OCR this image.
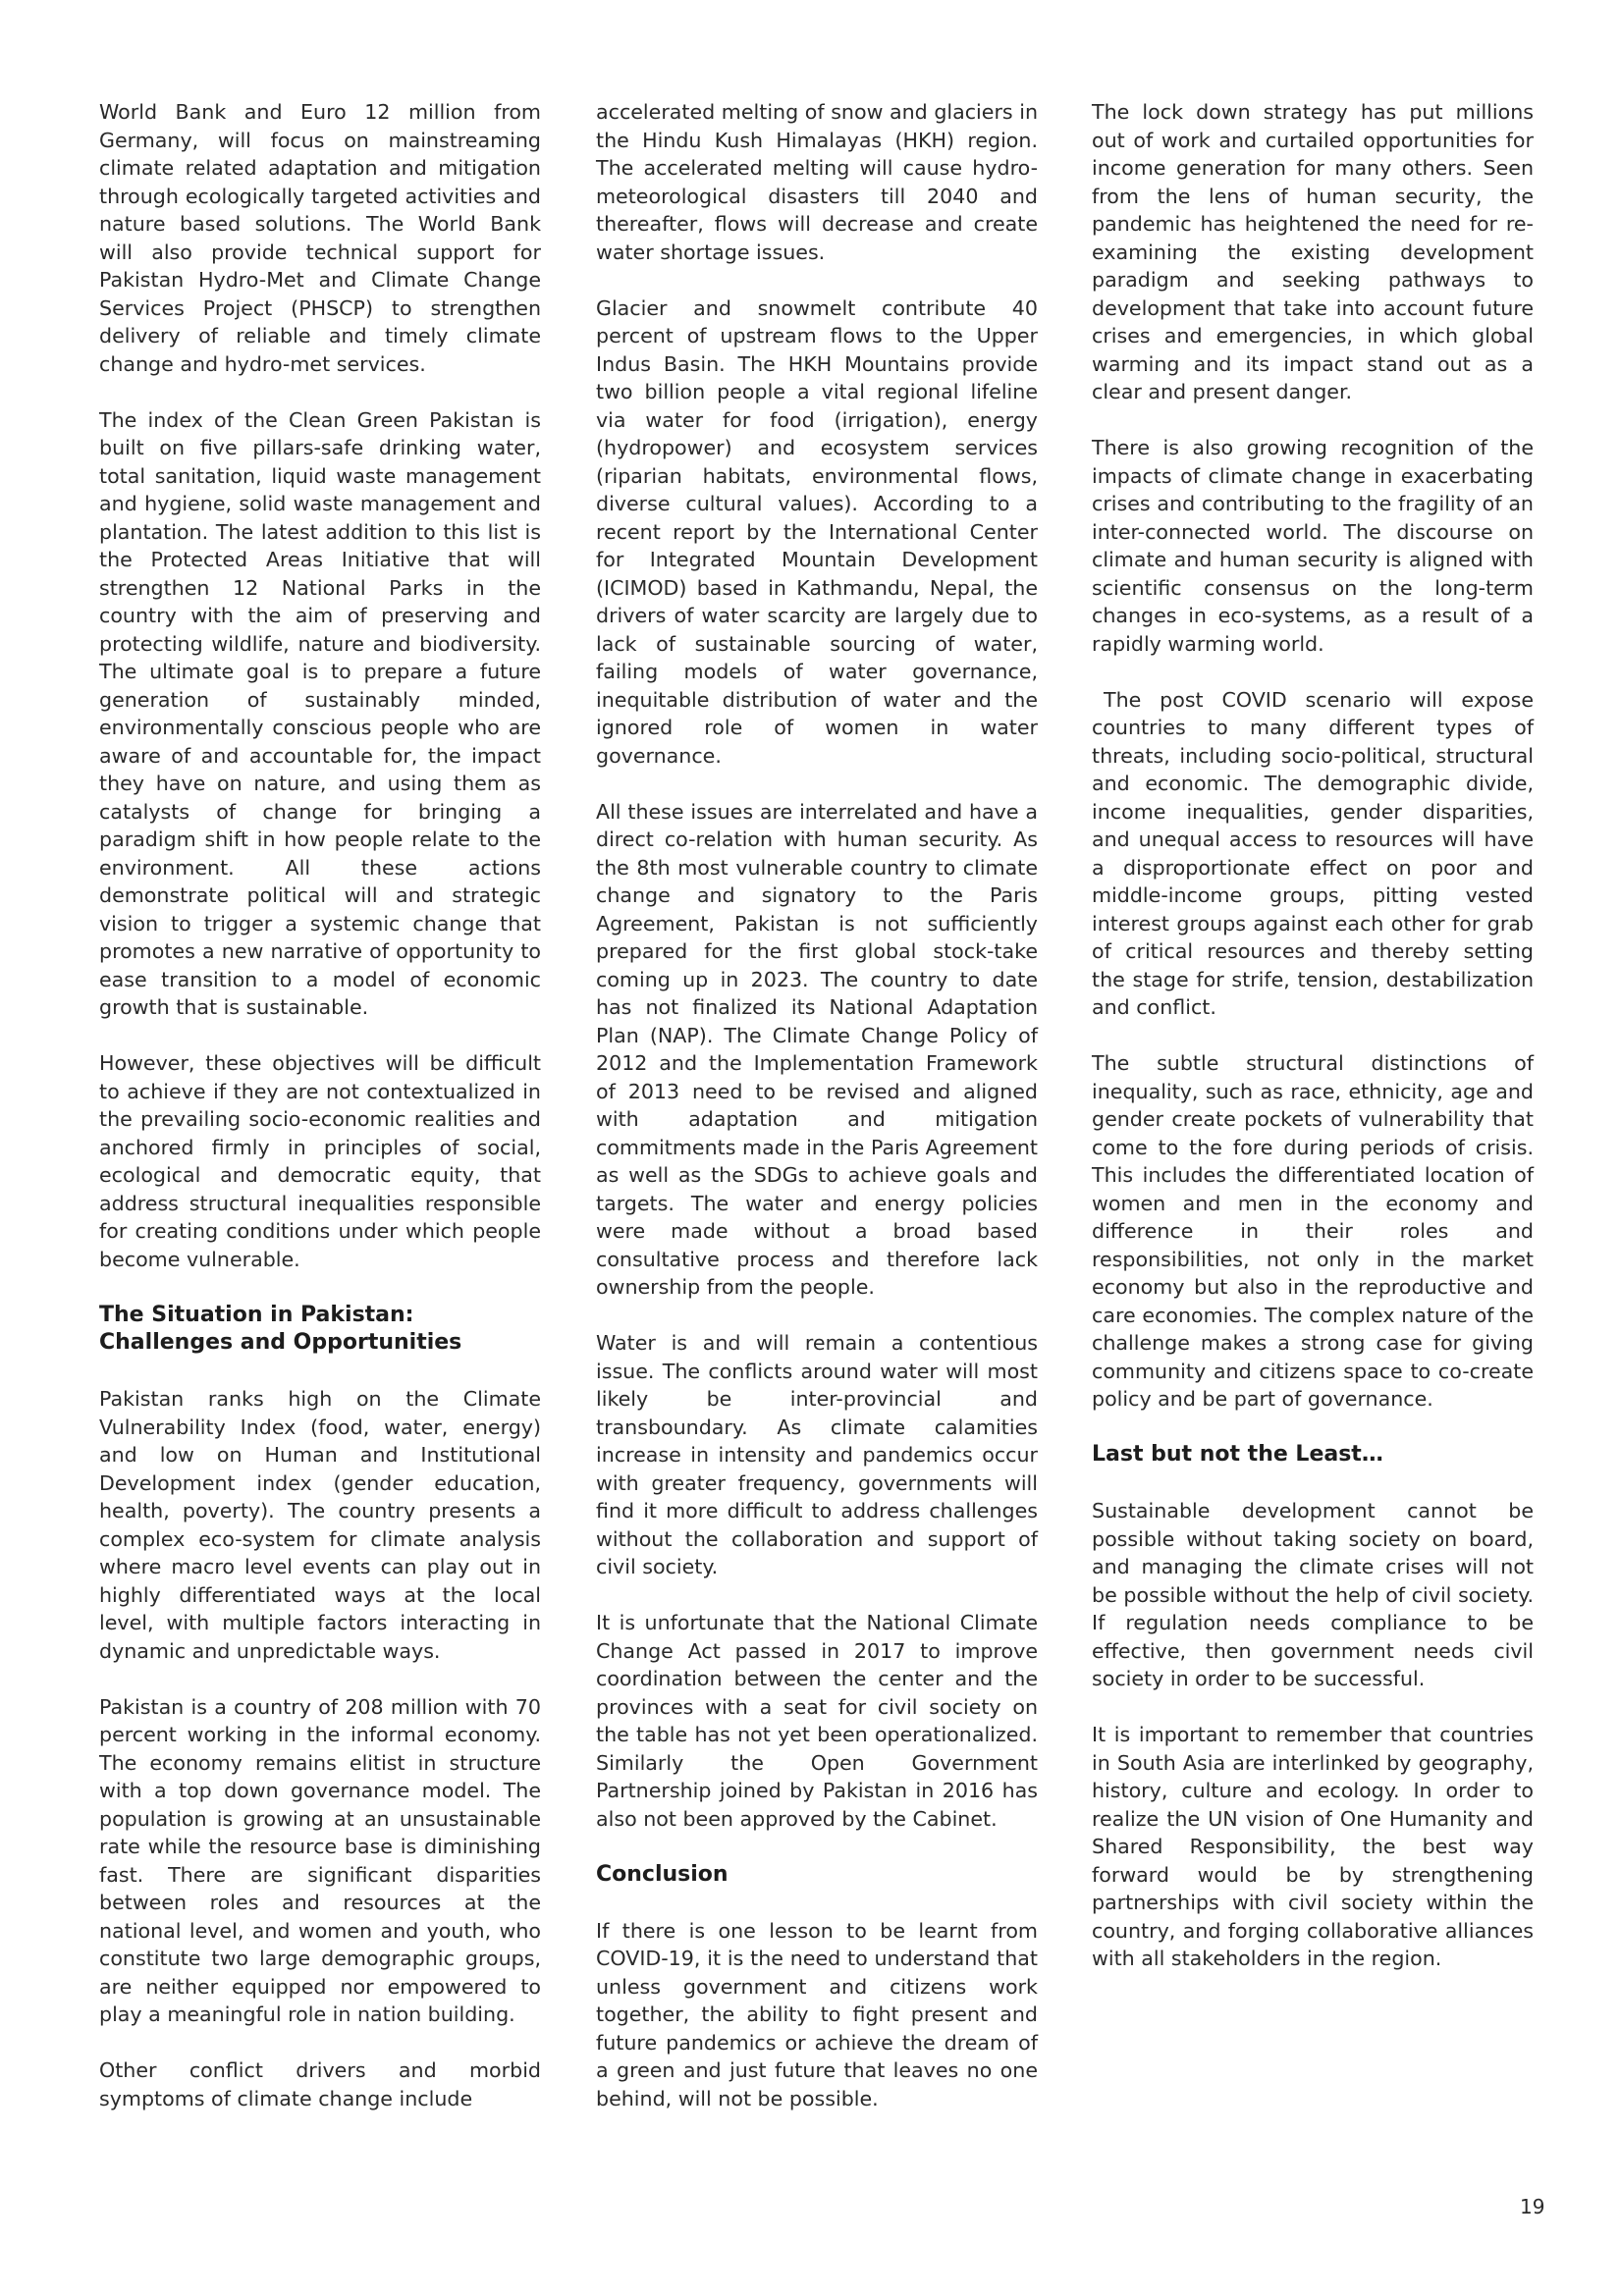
World Bank and Euro 12 million from Germany, will focus on mainstreaming climate related adaptation and mitigation through ecologically targeted activities and nature based solutions. The World Bank will also provide technical support for Pakistan Hydro-Met and Climate Change Services Project (PHSCP) to strengthen delivery of reliable and timely climate change and hydro-met services.

The index of the Clean Green Pakistan is built on five pillars-safe drinking water, total sanitation, liquid waste management and hygiene, solid waste management and plantation. The latest addition to this list is the Protected Areas Initiative that will strengthen 12 National Parks in the country with the aim of preserving and protecting wildlife, nature and biodiversity. The ultimate goal is to prepare a future generation of sustainably minded, environmentally conscious people who are aware of and accountable for, the impact they have on nature, and using them as catalysts of change for bringing a paradigm shift in how people relate to the environment. All these actions demonstrate political will and strategic vision to trigger a systemic change that promotes a new narrative of opportunity to ease transition to a model of economic growth that is sustainable.

However, these objectives will be difficult to achieve if they are not contextualized in the prevailing socio-economic realities and anchored firmly in principles of social, ecological and democratic equity, that address structural inequalities responsible for creating conditions under which people become vulnerable.

The Situation in Pakistan: Challenges and Opportunities

Pakistan ranks high on the Climate Vulnerability Index (food, water, energy) and low on Human and Institutional Development index (gender education, health, poverty). The country presents a complex eco-system for climate analysis where macro level events can play out in highly differentiated ways at the local level, with multiple factors interacting in dynamic and unpredictable ways.

Pakistan is a country of 208 million with 70 percent working in the informal economy. The economy remains elitist in structure with a top down governance model. The population is growing at an unsustainable rate while the resource base is diminishing fast. There are significant disparities between roles and resources at the national level, and women and youth, who constitute two large demographic groups, are neither equipped nor empowered to play a meaningful role in nation building.

Other conflict drivers and morbid symptoms of climate change include

accelerated melting of snow and glaciers in the Hindu Kush Himalayas (HKH) region. The accelerated melting will cause hydro-meteorological disasters till 2040 and thereafter, flows will decrease and create water shortage issues.

Glacier and snowmelt contribute 40 percent of upstream flows to the Upper Indus Basin. The HKH Mountains provide two billion people a vital regional lifeline via water for food (irrigation), energy (hydropower) and ecosystem services (riparian habitats, environmental flows, diverse cultural values). According to a recent report by the International Center for Integrated Mountain Development (ICIMOD) based in Kathmandu, Nepal, the drivers of water scarcity are largely due to lack of sustainable sourcing of water, failing models of water governance, inequitable distribution of water and the ignored role of women in water governance.

All these issues are interrelated and have a direct co-relation with human security. As the 8th most vulnerable country to climate change and signatory to the Paris Agreement, Pakistan is not sufficiently prepared for the first global stock-take coming up in 2023. The country to date has not finalized its National Adaptation Plan (NAP). The Climate Change Policy of 2012 and the Implementation Framework of 2013 need to be revised and aligned with adaptation and mitigation commitments made in the Paris Agreement as well as the SDGs to achieve goals and targets. The water and energy policies were made without a broad based consultative process and therefore lack ownership from the people.

Water is and will remain a contentious issue. The conflicts around water will most likely be inter-provincial and transboundary. As climate calamities increase in intensity and pandemics occur with greater frequency, governments will find it more difficult to address challenges without the collaboration and support of civil society.

It is unfortunate that the National Climate Change Act passed in 2017 to improve coordination between the center and the provinces with a seat for civil society on the table has not yet been operationalized. Similarly the Open Government Partnership joined by Pakistan in 2016 has also not been approved by the Cabinet.

Conclusion

If there is one lesson to be learnt from COVID-19, it is the need to understand that unless government and citizens work together, the ability to fight present and future pandemics or achieve the dream of a green and just future that leaves no one behind, will not be possible.

The lock down strategy has put millions out of work and curtailed opportunities for income generation for many others. Seen from the lens of human security, the pandemic has heightened the need for re-examining the existing development paradigm and seeking pathways to development that take into account future crises and emergencies, in which global warming and its impact stand out as a clear and present danger.

There is also growing recognition of the impacts of climate change in exacerbating crises and contributing to the fragility of an inter-connected world. The discourse on climate and human security is aligned with scientific consensus on the long-term changes in eco-systems, as a result of a rapidly warming world.

The post COVID scenario will expose countries to many different types of threats, including socio-political, structural and economic. The demographic divide, income inequalities, gender disparities, and unequal access to resources will have a disproportionate effect on poor and middle-income groups, pitting vested interest groups against each other for grab of critical resources and thereby setting the stage for strife, tension, destabilization and conflict.

The subtle structural distinctions of inequality, such as race, ethnicity, age and gender create pockets of vulnerability that come to the fore during periods of crisis. This includes the differentiated location of women and men in the economy and difference in their roles and responsibilities, not only in the market economy but also in the reproductive and care economies. The complex nature of the challenge makes a strong case for giving community and citizens space to co-create policy and be part of governance.

Last but not the Least…

Sustainable development cannot be possible without taking society on board, and managing the climate crises will not be possible without the help of civil society. If regulation needs compliance to be effective, then government needs civil society in order to be successful.

It is important to remember that countries in South Asia are interlinked by geography, history, culture and ecology. In order to realize the UN vision of One Humanity and Shared Responsibility, the best way forward would be by strengthening partnerships with civil society within the country, and forging collaborative alliances with all stakeholders in the region.

19
